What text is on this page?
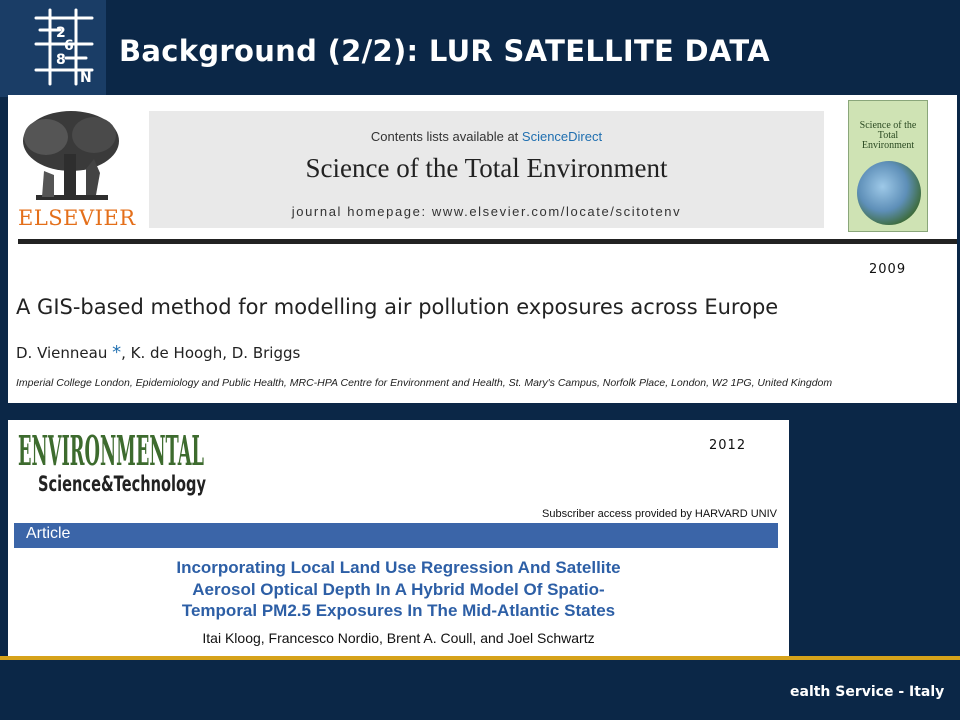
2
6
8
N
Background (2/2): LUR SATELLITE DATA
ELSEVIER
Contents lists available at ScienceDirect
Science of the Total Environment
journal homepage: www.elsevier.com/locate/scitotenv
Science of the Total Environment
2009
A GIS-based method for modelling air pollution exposures across Europe
D. Vienneau *, K. de Hoogh, D. Briggs
Imperial College London, Epidemiology and Public Health, MRC-HPA Centre for Environment and Health, St. Mary's Campus, Norfolk Place, London, W2 1PG, United Kingdom
ENVIRONMENTAL
Science&Technology
2012
Subscriber access provided by HARVARD UNIV
Article
Incorporating Local Land Use Regression And Satellite
Aerosol Optical Depth In A Hybrid Model Of Spatio-
Temporal PM2.5 Exposures In The Mid-Atlantic States
Itai Kloog, Francesco Nordio, Brent A. Coull, and Joel Schwartz
ealth Service - Italy
